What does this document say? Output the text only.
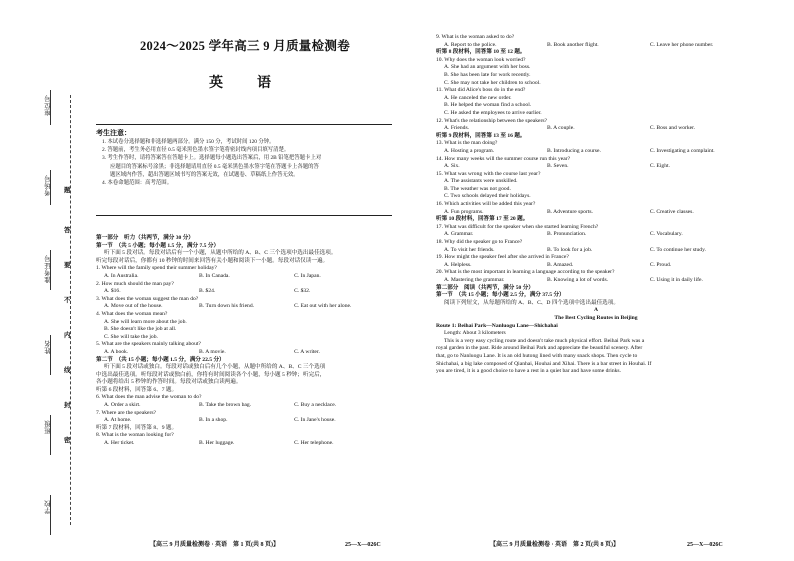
座位号
考场号
准考证号
姓名
班级
学校
题
答
要
不
内
线
封
密
2024～2025 学年高三 9 月质量检测卷
英　语
考生注意：
1. 本试卷分选择题和非选择题两部分。满分 150 分，考试时间 120 分钟。
2. 答题前，考生务必用直径 0.5 毫米黑色墨水签字笔将密封线内项目填写清楚。
3. 考生作答时，请将答案答在答题卡上。选择题每小题选出答案后，用 2B 铅笔把答题卡上对
应题目的答案标号涂黑；非选择题请用直径 0.5 毫米黑色墨水签字笔在答题卡上各题的答
题区域内作答，超出答题区域书写的答案无效，在试题卷、草稿纸上作答无效。
4. 本卷命题范围：高考范围。
第一部分　听力（共两节，满分 30 分）
第一节　（共 5 小题；每小题 1.5 分，满分 7.5 分）
听下面 5 段对话。每段对话后有一个小题，从题中所给的 A、B、C 三个选项中选出最佳选项。
听完每段对话后，你都有 10 秒钟的时间来回答有关小题和阅读下一小题。每段对话仅读一遍。
1. Where will the family spend their summer holiday?
A. In Australia.	B. In Canada.	C. In Japan.
2. How much should the man pay?
A. $16.	B. $24.	C. $32.
3. What does the woman suggest the man do?
A. Move out of the house.	B. Turn down his friend.	C. Eat out with her alone.
4. What does the woman mean?
A. She will learn more about the job.
B. She doesn't like the job at all.
C. She will take the job.
5. What are the speakers mainly talking about?
A. A book.	B. A movie.	C. A writer.
第二节　（共 15 小题；每小题 1.5 分，满分 22.5 分）
听下面 5 段对话或独白。每段对话或独白后有几个小题，从题中所给的 A、B、C 三个选项
中选出最佳选项。听每段对话或独白前，你将有时间阅读各个小题，每小题 5 秒钟；听完后，
各小题将给出 5 秒钟的作答时间。每段对话或独白读两遍。
听第 6 段材料，回答第 6、7 题。
6. What does the man advise the woman to do?
A. Order a skirt.	B. Take the brown bag.	C. Buy a necklace.
7. Where are the speakers?
A. At home.	B. In a shop.	C. In Jane's house.
听第 7 段材料，回答第 8、9 题。
8. What is the woman looking for?
A. Her ticket.	B. Her luggage.	C. Her telephone.
【高三 9 月质量检测卷 · 英语　第 1 页(共 8 页)】	25—X—026C	【高三 9 月质量检测卷 · 英语　第 2 页(共 8 页)】	25—X—026C
9. What is the woman asked to do?
A. Report to the police.	B. Book another flight.	C. Leave her phone number.
听第 8 段材料，回答第 10 至 12 题。
10. Why does the woman look worried?
A. She had an argument with her boss.
B. She has been late for work recently.
C. She may not take her children to school.
11. What did Alice's boss do in the end?
A. He canceled the new order.
B. He helped the woman find a school.
C. He asked the employees to arrive earlier.
12. What's the relationship between the speakers?
A. Friends.	B. A couple.	C. Boss and worker.
听第 9 段材料，回答第 13 至 16 题。
13. What is the man doing?
A. Hosting a program.	B. Introducing a course.	C. Investigating a complaint.
14. How many weeks will the summer course run this year?
A. Six.	B. Seven.	C. Eight.
15. What was wrong with the course last year?
A. The assistants were unskilled.
B. The weather was not good.
C. Two schools delayed their holidays.
16. Which activities will be added this year?
A. Fun programs.	B. Adventure sports.	C. Creative classes.
听第 10 段材料，回答第 17 至 20 题。
17. What was difficult for the speaker when she started learning French?
A. Grammar.	B. Pronunciation.	C. Vocabulary.
18. Why did the speaker go to France?
A. To visit her friends.	B. To look for a job.	C. To continue her study.
19. How might the speaker feel after she arrived in France?
A. Helpless.	B. Amazed.	C. Proud.
20. What is the most important in learning a language according to the speaker?
A. Mastering the grammar.	B. Knowing a lot of words.	C. Using it in daily life.
第二部分　阅读（共两节，满分 50 分）
第一节　（共 15 小题；每小题 2.5 分，满分 37.5 分）
阅读下列短文，从每题所给的 A、B、C、D 四个选项中选出最佳选项。
A
The Best Cycling Routes in Beijing
Route 1: Beihai Park—Nanluogu Lane—Shichahai
Length: About 3 kilometers
This is a very easy cycling route and doesn't take much physical effort. Beihai Park was a
royal garden in the past. Ride around Beihai Park and appreciate the beautiful scenery. After
that, go to Nanluogu Lane. It is an old hutong lined with many snack shops. Then cycle to
Shichahai, a big lake composed of Qianhai, Houhai and Xihai. There is a bar street in Houhai. If
you are tired, it is a good choice to have a rest in a quiet bar and have some drinks.
